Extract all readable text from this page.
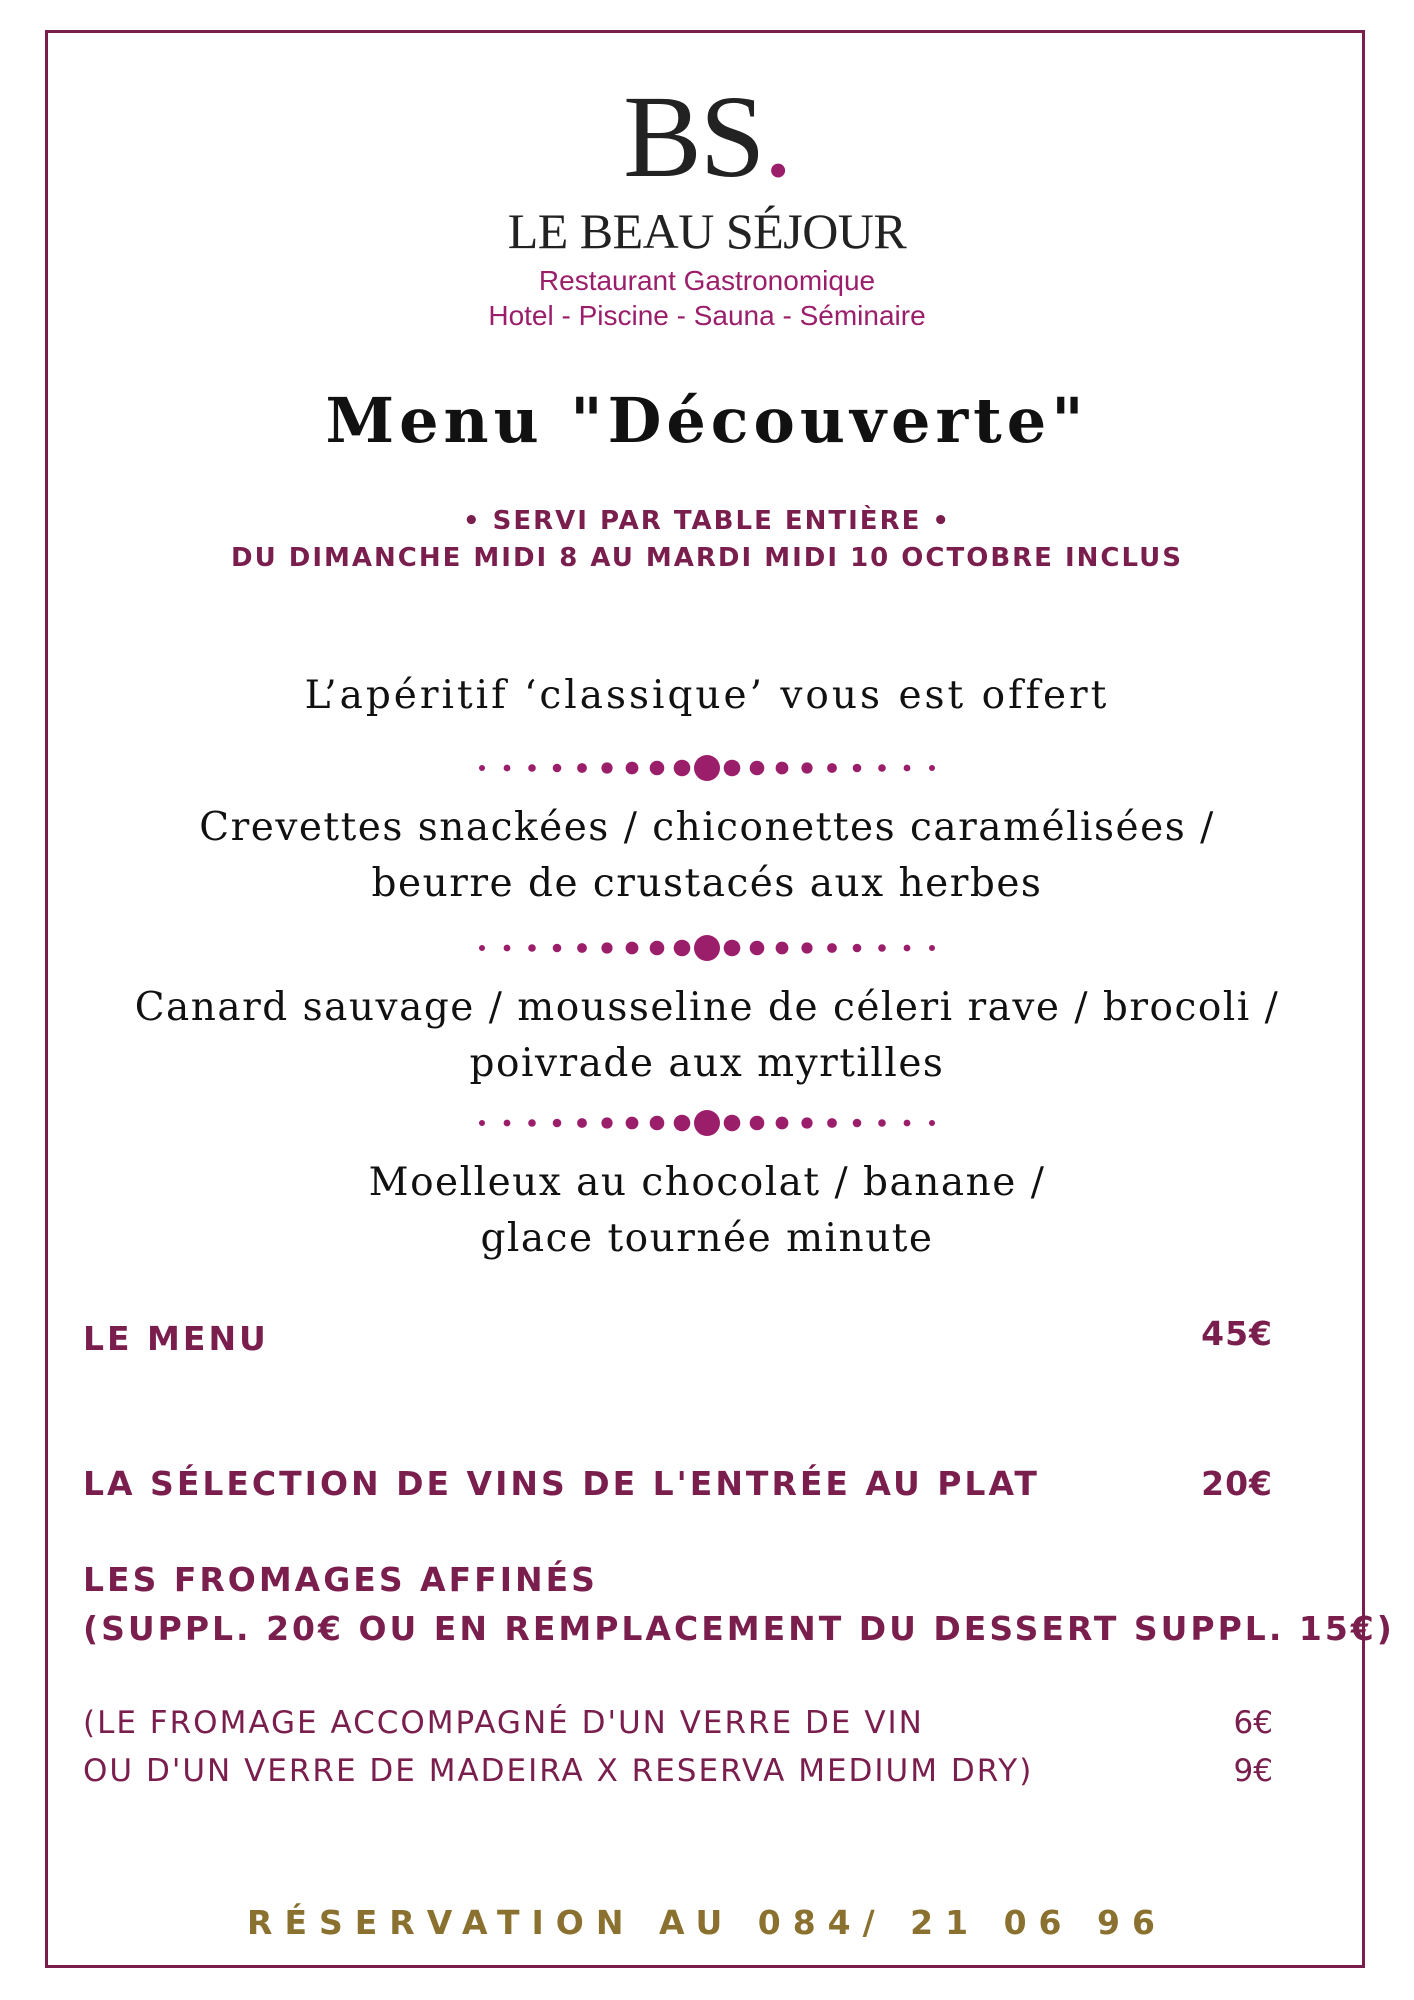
BS.
LE BEAU SÉJOUR
Restaurant Gastronomique
Hotel - Piscine - Sauna - Séminaire
Menu "Découverte"
• SERVI PAR TABLE ENTIÈRE •
DU DIMANCHE MIDI 8 AU MARDI MIDI 10 OCTOBRE INCLUS
L’apéritif ‘classique’ vous est offert
Crevettes snackées / chiconettes caramélisées /
beurre de crustacés aux herbes
Canard sauvage / mousseline de céleri rave / brocoli /
poivrade aux myrtilles
Moelleux au chocolat / banane /
glace tournée minute
LE MENU	45€
LA SÉLECTION DE VINS DE L'ENTRÉE AU PLAT	20€
LES FROMAGES AFFINÉS
(SUPPL. 20€ OU EN REMPLACEMENT DU DESSERT SUPPL. 15€)
(LE FROMAGE ACCOMPAGNÉ D'UN VERRE DE VIN	6€
OU D'UN VERRE DE MADEIRA X RESERVA MEDIUM DRY)	9€
RÉSERVATION AU 084/ 21 06 96
